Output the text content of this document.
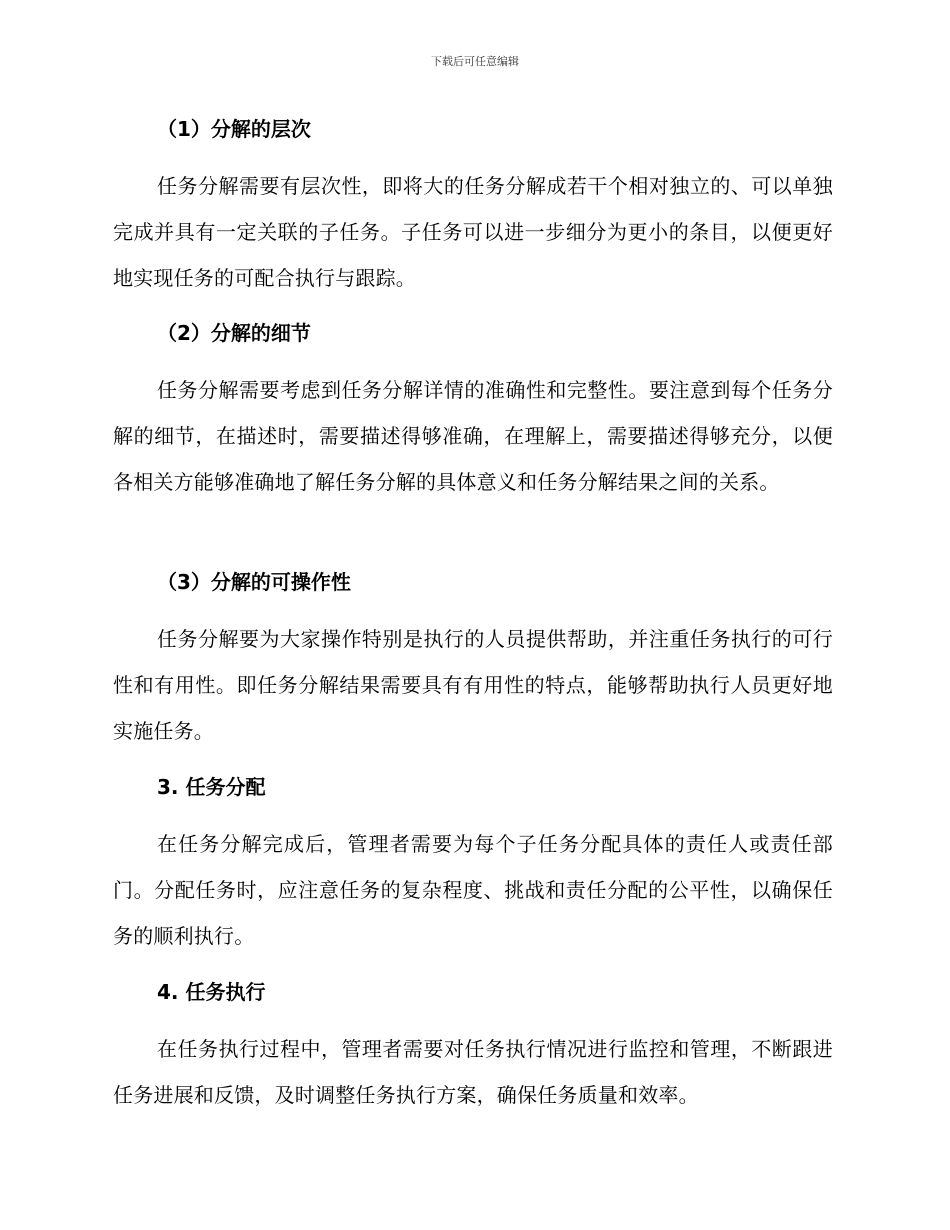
下载后可任意编辑
（1）分解的层次
任务分解需要有层次性，即将大的任务分解成若干个相对独立的、可以单独完成并具有一定关联的子任务。子任务可以进一步细分为更小的条目，以便更好地实现任务的可配合执行与跟踪。
（2）分解的细节
任务分解需要考虑到任务分解详情的准确性和完整性。要注意到每个任务分解的细节，在描述时，需要描述得够准确，在理解上，需要描述得够充分，以便各相关方能够准确地了解任务分解的具体意义和任务分解结果之间的关系。
（3）分解的可操作性
任务分解要为大家操作特别是执行的人员提供帮助，并注重任务执行的可行性和有用性。即任务分解结果需要具有有用性的特点，能够帮助执行人员更好地实施任务。
3. 任务分配
在任务分解完成后，管理者需要为每个子任务分配具体的责任人或责任部门。分配任务时，应注意任务的复杂程度、挑战和责任分配的公平性，以确保任务的顺利执行。
4. 任务执行
在任务执行过程中，管理者需要对任务执行情况进行监控和管理，不断跟进任务进展和反馈，及时调整任务执行方案，确保任务质量和效率。
